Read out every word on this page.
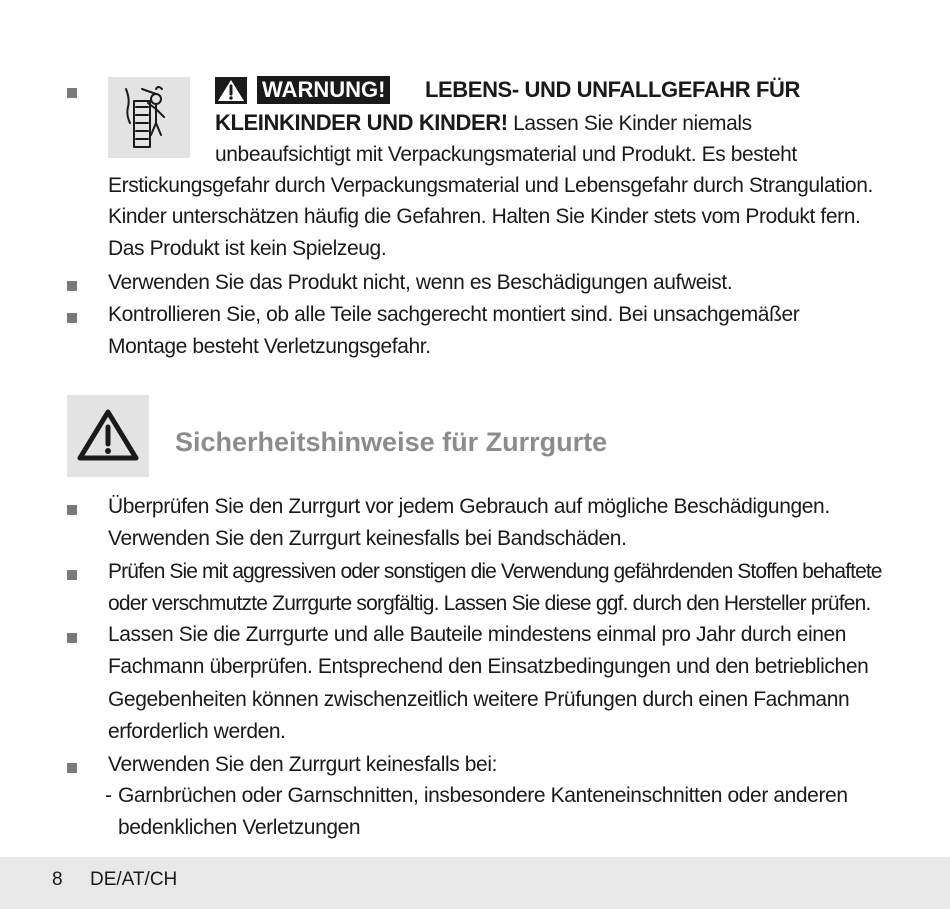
WARNUNG! LEBENS- UND UNFALLGEFAHR FÜR
KLEINKINDER UND KINDER! Lassen Sie Kinder niemals
unbeaufsichtigt mit Verpackungsmaterial und Produkt. Es besteht
Erstickungsgefahr durch Verpackungsmaterial und Lebensgefahr durch Strangulation.
Kinder unterschätzen häufig die Gefahren. Halten Sie Kinder stets vom Produkt fern.
Das Produkt ist kein Spielzeug.
Verwenden Sie das Produkt nicht, wenn es Beschädigungen aufweist.
Kontrollieren Sie, ob alle Teile sachgerecht montiert sind. Bei unsachgemäßer
Montage besteht Verletzungsgefahr.
Sicherheitshinweise für Zurrgurte
Überprüfen Sie den Zurrgurt vor jedem Gebrauch auf mögliche Beschädigungen.
Verwenden Sie den Zurrgurt keinesfalls bei Bandschäden.
Prüfen Sie mit aggressiven oder sonstigen die Verwendung gefährdenden Stoffen behaftete
oder verschmutzte Zurrgurte sorgfältig. Lassen Sie diese ggf. durch den Hersteller prüfen.
Lassen Sie die Zurrgurte und alle Bauteile mindestens einmal pro Jahr durch einen
Fachmann überprüfen. Entsprechend den Einsatzbedingungen und den betrieblichen
Gegebenheiten können zwischenzeitlich weitere Prüfungen durch einen Fachmann
erforderlich werden.
Verwenden Sie den Zurrgurt keinesfalls bei:
- Garnbrüchen oder Garnschnitten, insbesondere Kanteneinschnitten oder anderen
bedenklichen Verletzungen
8 DE/AT/CH
